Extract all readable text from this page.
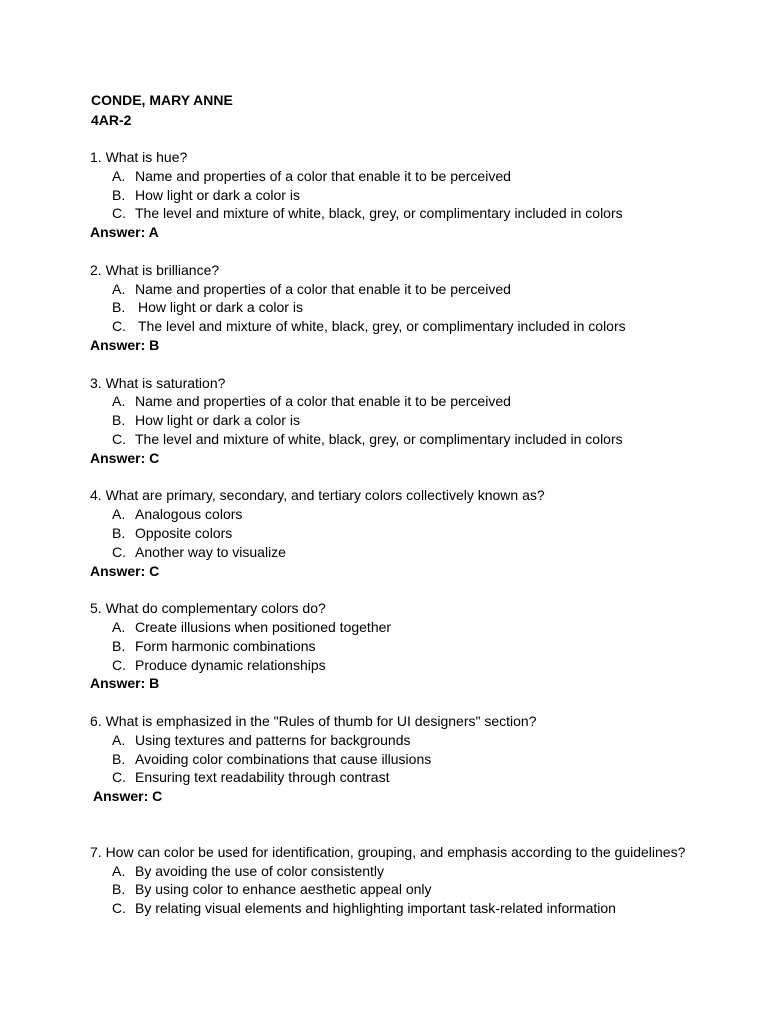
CONDE, MARY ANNE
4AR-2
1. What is hue?
A. Name and properties of a color that enable it to be perceived
B. How light or dark a color is
C. The level and mixture of white, black, grey, or complimentary included in colors
Answer: A
2. What is brilliance?
A. Name and properties of a color that enable it to be perceived
B. How light or dark a color is
C. The level and mixture of white, black, grey, or complimentary included in colors
Answer: B
3. What is saturation?
A. Name and properties of a color that enable it to be perceived
B. How light or dark a color is
C. The level and mixture of white, black, grey, or complimentary included in colors
Answer: C
4. What are primary, secondary, and tertiary colors collectively known as?
A. Analogous colors
B. Opposite colors
C. Another way to visualize
Answer: C
5. What do complementary colors do?
A. Create illusions when positioned together
B. Form harmonic combinations
C. Produce dynamic relationships
Answer: B
6. What is emphasized in the "Rules of thumb for UI designers" section?
A. Using textures and patterns for backgrounds
B. Avoiding color combinations that cause illusions
C. Ensuring text readability through contrast
Answer: C
7. How can color be used for identification, grouping, and emphasis according to the guidelines?
A. By avoiding the use of color consistently
B. By using color to enhance aesthetic appeal only
C. By relating visual elements and highlighting important task-related information
